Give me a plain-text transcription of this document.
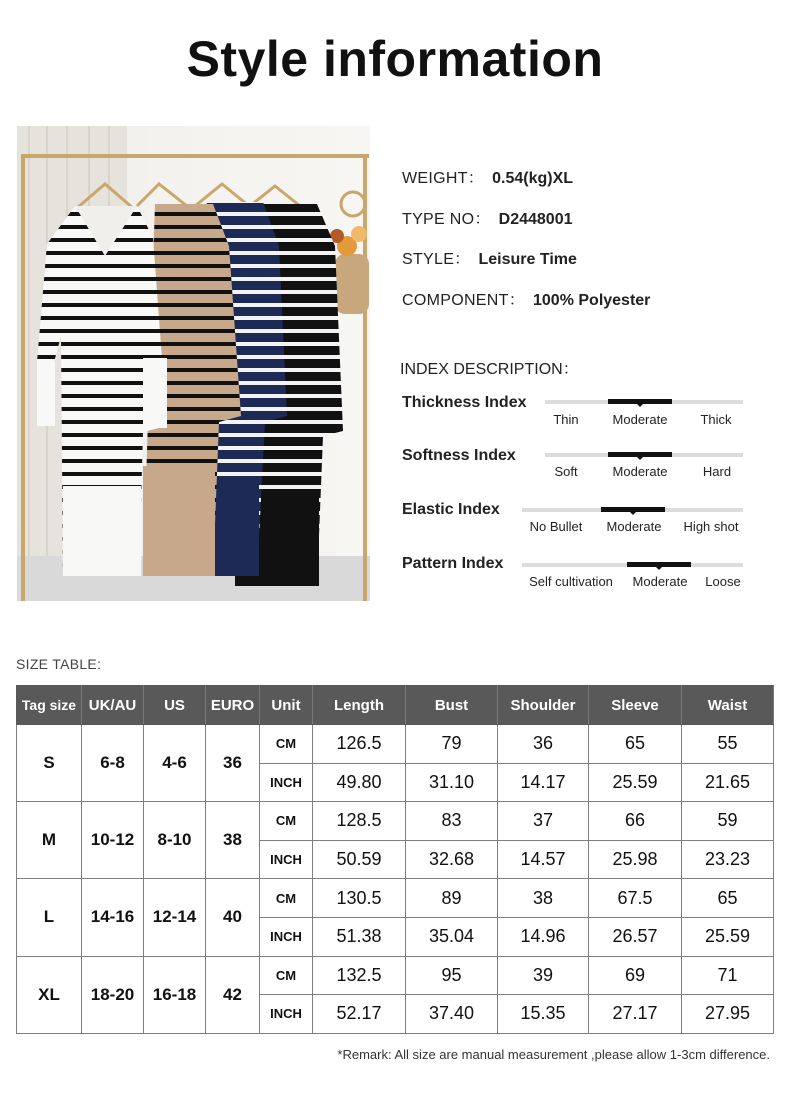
Style information
WEIGHT： 0.54(kg)XL
TYPE NO： D2448001
STYLE： Leisure Time
COMPONENT： 100% Polyester
INDEX DESCRIPTION：
Thickness Index
Thin	Moderate	Thick
Softness Index
Soft	Moderate	Hard
Elastic Index
No Bullet Moderate High shot
Pattern Index
Self cultivation Moderate Loose
SIZE TABLE:
Tag size	UK/AU	US	EURO	Unit	Length	Bust	Shoulder	Sleeve	Waist
S	6-8	4-6	36	CM	126.5	79	36	65	55
				INCH	49.80	31.10	14.17	25.59	21.65
M	10-12	8-10	38	CM	128.5	83	37	66	59
				INCH	50.59	32.68	14.57	25.98	23.23
L	14-16	12-14	40	CM	130.5	89	38	67.5	65
				INCH	51.38	35.04	14.96	26.57	25.59
XL	18-20	16-18	42	CM	132.5	95	39	69	71
				INCH	52.17	37.40	15.35	27.17	27.95
*Remark: All size are manual measurement ,please allow 1-3cm difference.
